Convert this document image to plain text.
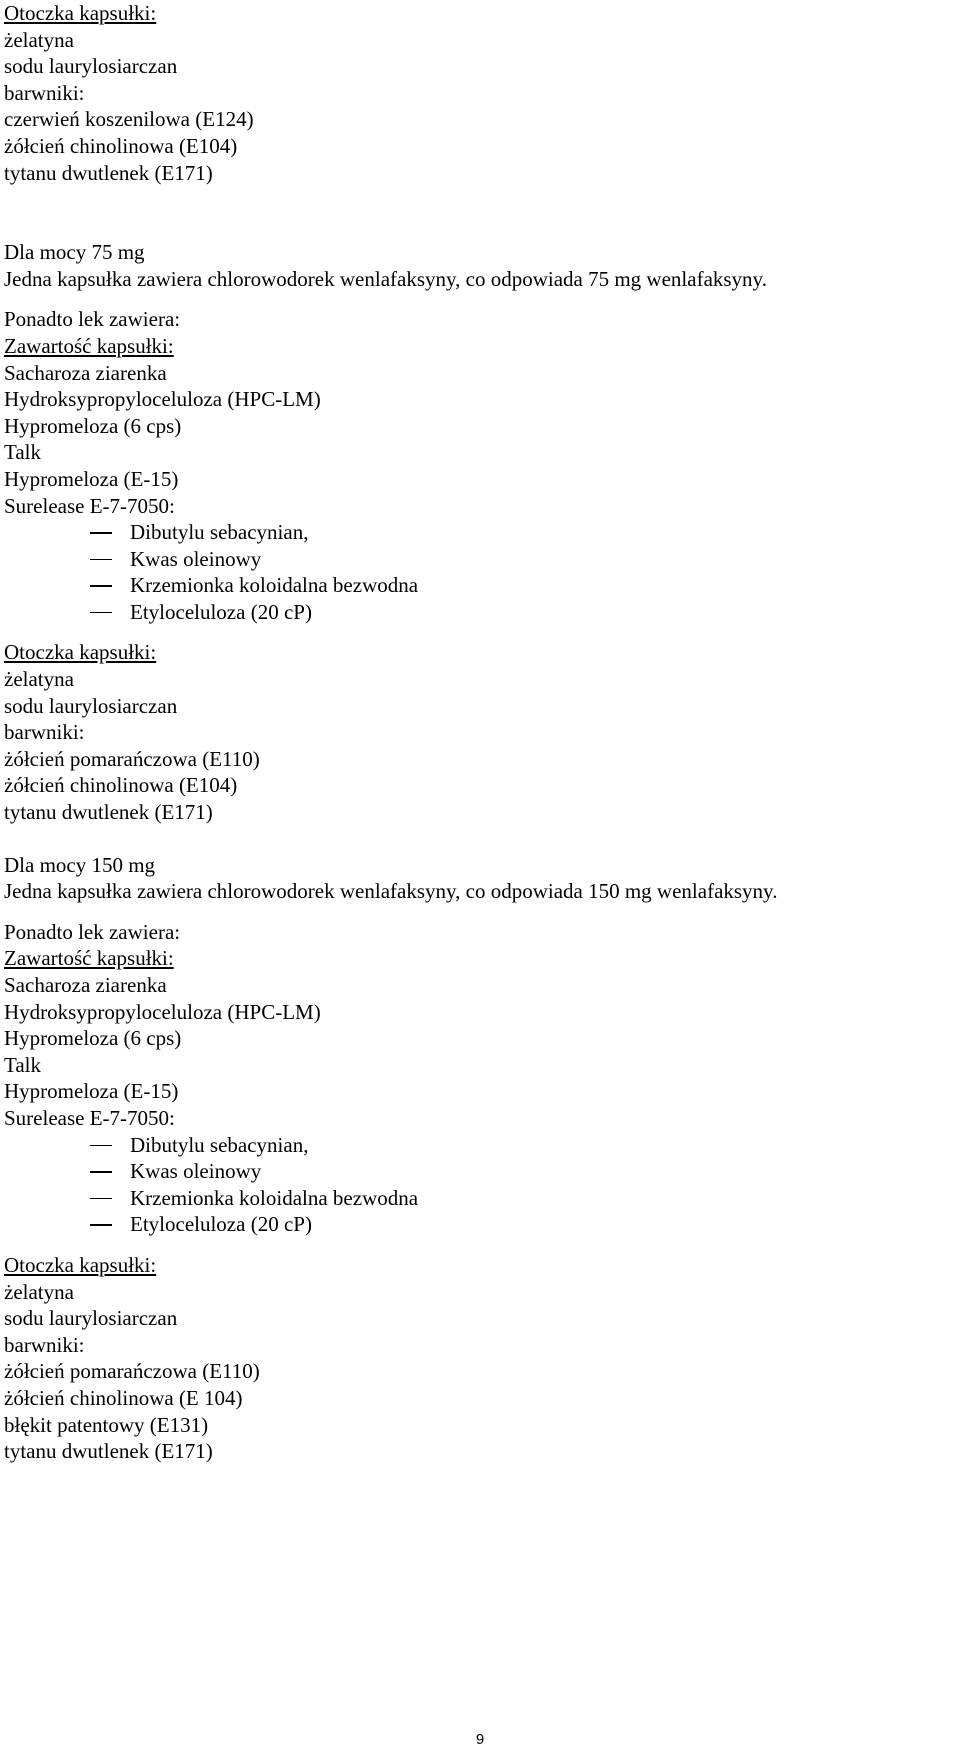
Otoczka kapsułki:
żelatyna
sodu laurylosiarczan
barwniki:
czerwień koszenilowa (E124)
żółcień chinolinowa (E104)
tytanu dwutlenek (E171)
Dla mocy 75 mg
Jedna kapsułka zawiera chlorowodorek wenlafaksyny, co odpowiada 75 mg wenlafaksyny.
Ponadto lek zawiera:
Zawartość kapsułki:
Sacharoza ziarenka
Hydroksypropyloceluloza (HPC-LM)
Hypromeloza (6 cps)
Talk
Hypromeloza (E-15)
Surelease E-7-7050:
Dibutylu sebacynian,
Kwas oleinowy
Krzemionka koloidalna bezwodna
Etyloceluloza (20 cP)
Otoczka kapsułki:
żelatyna
sodu laurylosiarczan
barwniki:
żółcień pomarańczowa (E110)
żółcień chinolinowa (E104)
tytanu dwutlenek (E171)
Dla mocy 150 mg
Jedna kapsułka zawiera chlorowodorek wenlafaksyny, co odpowiada 150 mg wenlafaksyny.
Ponadto lek zawiera:
Zawartość kapsułki:
Sacharoza ziarenka
Hydroksypropyloceluloza (HPC-LM)
Hypromeloza (6 cps)
Talk
Hypromeloza (E-15)
Surelease E-7-7050:
Dibutylu sebacynian,
Kwas oleinowy
Krzemionka koloidalna bezwodna
Etyloceluloza (20 cP)
Otoczka kapsułki:
żelatyna
sodu laurylosiarczan
barwniki:
żółcień pomarańczowa (E110)
żółcień chinolinowa (E 104)
błękit patentowy (E131)
tytanu dwutlenek (E171)
9
